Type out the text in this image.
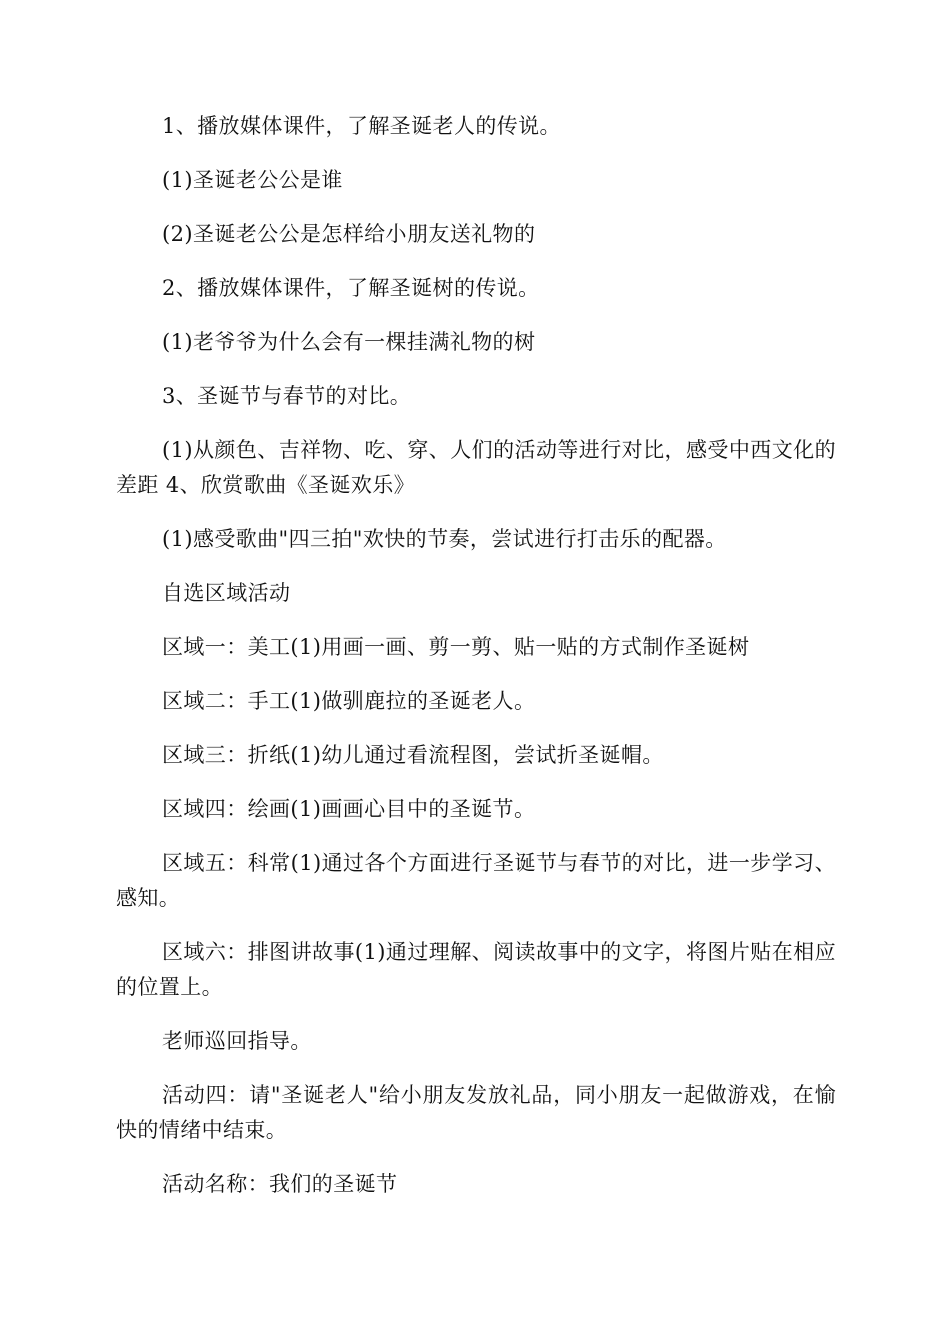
1、播放媒体课件，了解圣诞老人的传说。

(1)圣诞老公公是谁

(2)圣诞老公公是怎样给小朋友送礼物的

2、播放媒体课件，了解圣诞树的传说。

(1)老爷爷为什么会有一棵挂满礼物的树

3、圣诞节与春节的对比。

(1)从颜色、吉祥物、吃、穿、人们的活动等进行对比，感受中西文化的差距 4、欣赏歌曲《圣诞欢乐》

(1)感受歌曲"四三拍"欢快的节奏，尝试进行打击乐的配器。

自选区域活动

区域一：美工(1)用画一画、剪一剪、贴一贴的方式制作圣诞树

区域二：手工(1)做驯鹿拉的圣诞老人。

区域三：折纸(1)幼儿通过看流程图，尝试折圣诞帽。

区域四：绘画(1)画画心目中的圣诞节。

区域五：科常(1)通过各个方面进行圣诞节与春节的对比，进一步学习、感知。

区域六：排图讲故事(1)通过理解、阅读故事中的文字，将图片贴在相应的位置上。

老师巡回指导。

活动四：请"圣诞老人"给小朋友发放礼品，同小朋友一起做游戏，在愉快的情绪中结束。

活动名称：我们的圣诞节
